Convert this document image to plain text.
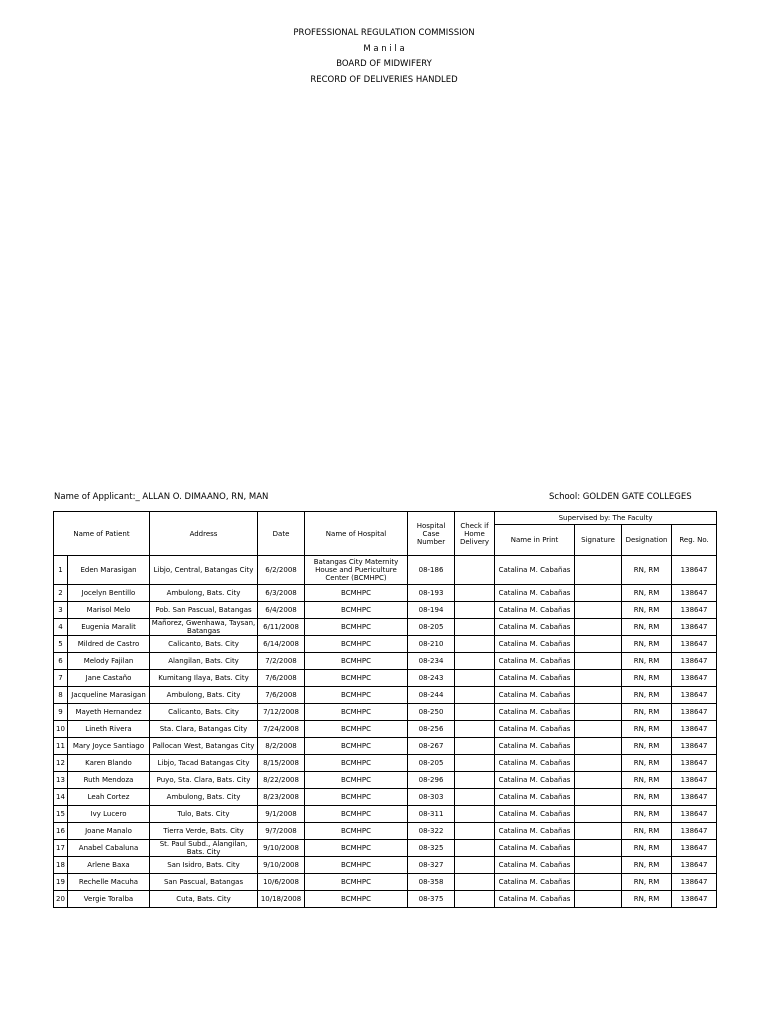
PROFESSIONAL REGULATION COMMISSION
M a n i l a
BOARD OF MIDWIFERY
RECORD OF DELIVERIES HANDLED
Name of Applicant:_ ALLAN O. DIMAANO, RN, MAN	School: GOLDEN GATE COLLEGES
Name of Patient		Address	Date	Name of Hospital	Hospital Case Number	Check if Home Delivery	Supervised by: The Faculty			
							Name in Print	Signature	Designation	Reg. No.
1	Eden Marasigan	Libjo, Central, Batangas City	6/2/2008	Batangas City Maternity House and Puericulture Center (BCMHPC)	08-186		Catalina M. Cabañas		RN, RM	138647
2	Jocelyn Bentillo	Ambulong, Bats. City	6/3/2008	BCMHPC	08-193		Catalina M. Cabañas		RN, RM	138647
3	Marisol Melo	Pob. San Pascual, Batangas	6/4/2008	BCMHPC	08-194		Catalina M. Cabañas		RN, RM	138647
4	Eugenia Maralit	Mañorez, Gwenhawa, Taysan, Batangas	6/11/2008	BCMHPC	08-205		Catalina M. Cabañas		RN, RM	138647
5	Mildred de Castro	Calicanto, Bats. City	6/14/2008	BCMHPC	08-210		Catalina M. Cabañas		RN, RM	138647
6	Melody Fajilan	Alangilan, Bats. City	7/2/2008	BCMHPC	08-234		Catalina M. Cabañas		RN, RM	138647
7	Jane Castaño	Kumitang Ilaya, Bats. City	7/6/2008	BCMHPC	08-243		Catalina M. Cabañas		RN, RM	138647
8	Jacqueline Marasigan	Ambulong, Bats. City	7/6/2008	BCMHPC	08-244		Catalina M. Cabañas		RN, RM	138647
9	Mayeth Hernandez	Calicanto, Bats. City	7/12/2008	BCMHPC	08-250		Catalina M. Cabañas		RN, RM	138647
10	Lineth Rivera	Sta. Clara, Batangas City	7/24/2008	BCMHPC	08-256		Catalina M. Cabañas		RN, RM	138647
11	Mary Joyce Santiago	Pallocan West, Batangas City	8/2/2008	BCMHPC	08-267		Catalina M. Cabañas		RN, RM	138647
12	Karen Blando	Libjo, Tacad Batangas City	8/15/2008	BCMHPC	08-205		Catalina M. Cabañas		RN, RM	138647
13	Ruth Mendoza	Puyo, Sta. Clara, Bats. City	8/22/2008	BCMHPC	08-296		Catalina M. Cabañas		RN, RM	138647
14	Leah Cortez	Ambulong, Bats. City	8/23/2008	BCMHPC	08-303		Catalina M. Cabañas		RN, RM	138647
15	Ivy Lucero	Tulo, Bats. City	9/1/2008	BCMHPC	08-311		Catalina M. Cabañas		RN, RM	138647
16	Joane Manalo	Tierra Verde, Bats. City	9/7/2008	BCMHPC	08-322		Catalina M. Cabañas		RN, RM	138647
17	Anabel Cabaluna	St. Paul Subd., Alangilan, Bats. City	9/10/2008	BCMHPC	08-325		Catalina M. Cabañas		RN, RM	138647
18	Arlene Baxa	San Isidro, Bats. City	9/10/2008	BCMHPC	08-327		Catalina M. Cabañas		RN, RM	138647
19	Rechelle Macuha	San Pascual, Batangas	10/6/2008	BCMHPC	08-358		Catalina M. Cabañas		RN, RM	138647
20	Vergie Toralba	Cuta, Bats. City	10/18/2008	BCMHPC	08-375		Catalina M. Cabañas		RN, RM	138647
